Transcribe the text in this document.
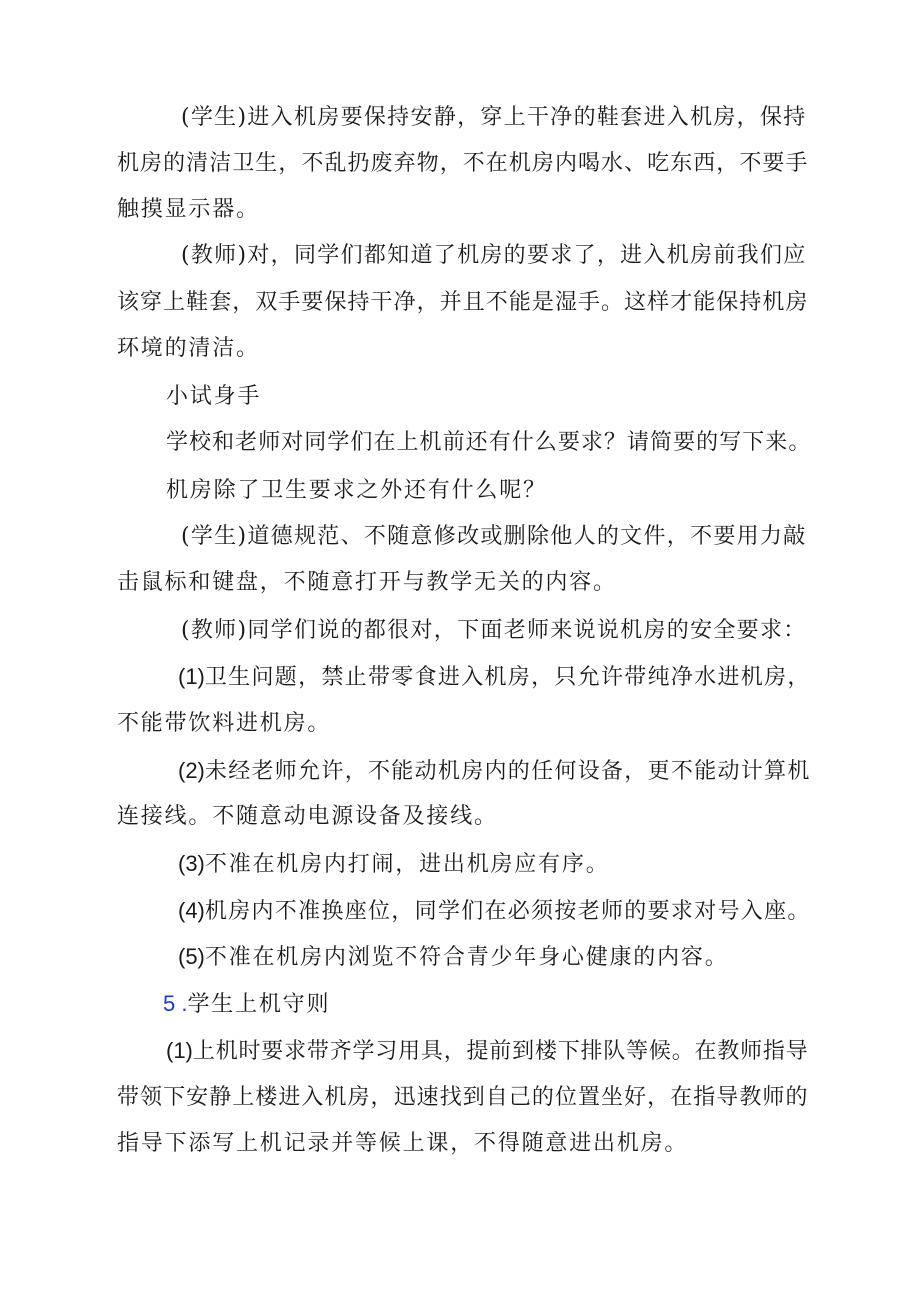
(学生)进入机房要保持安静，穿上干净的鞋套进入机房，保持
机房的清洁卫生，不乱扔废弃物，不在机房内喝水、吃东西，不要手
触摸显示器。
(教师)对，同学们都知道了机房的要求了，进入机房前我们应
该穿上鞋套，双手要保持干净，并且不能是湿手。这样才能保持机房
环境的清洁。
小试身手
学校和老师对同学们在上机前还有什么要求？请简要的写下来。
机房除了卫生要求之外还有什么呢？
(学生)道德规范、不随意修改或删除他人的文件，不要用力敲
击鼠标和键盘，不随意打开与教学无关的内容。
(教师)同学们说的都很对，下面老师来说说机房的安全要求：
(1)卫生问题，禁止带零食进入机房，只允许带纯净水进机房，
不能带饮料进机房。
(2)未经老师允许，不能动机房内的任何设备，更不能动计算机
连接线。不随意动电源设备及接线。
(3)不准在机房内打闹，进出机房应有序。
(4)机房内不准换座位，同学们在必须按老师的要求对号入座。
(5)不准在机房内浏览不符合青少年身心健康的内容。
5 .学生上机守则
(1)上机时要求带齐学习用具，提前到楼下排队等候。在教师指导
带领下安静上楼进入机房，迅速找到自己的位置坐好，在指导教师的
指导下添写上机记录并等候上课，不得随意进出机房。
